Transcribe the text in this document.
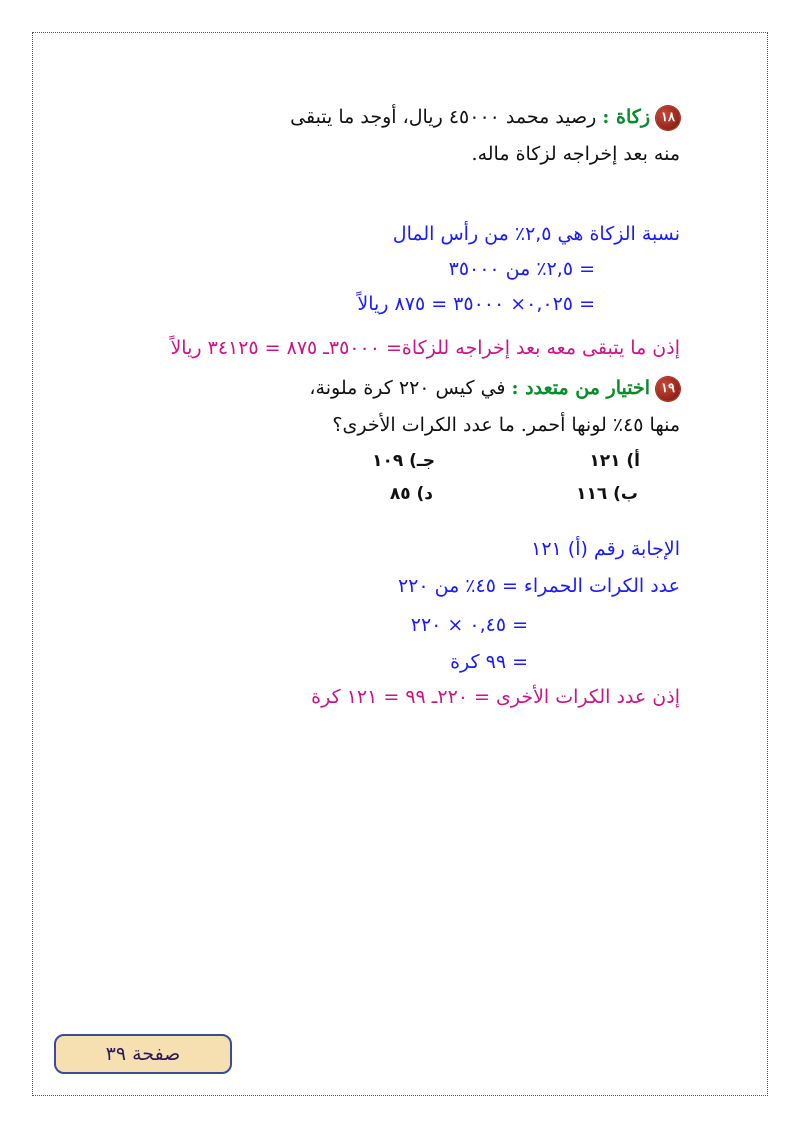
١٨زكاة : رصيد محمد ٤٥٠٠٠ ريال، أوجد ما يتبقى
منه بعد إخراجه لزكاة ماله.
نسبة الزكاة هي ٢,٥٪ من رأس المال
= ٢,٥٪ من ٣٥٠٠٠
= ٠,٠٢٥× ٣٥٠٠٠ = ٨٧٥ ريالاً
إذن ما يتبقى معه بعد إخراجه للزكاة= ٣٥٠٠٠ـ ٨٧٥ = ٣٤١٢٥ ريالاً
١٩اختيار من متعدد : في كيس ٢٢٠ كرة ملونة،
منها ٤٥٪ لونها أحمر. ما عدد الكرات الأخرى؟
أ) ١٢١
ب) ١١٦
جـ) ١٠٩
د) ٨٥
الإجابة رقم (أ) ١٢١
عدد الكرات الحمراء = ٤٥٪ من ٢٢٠
= ٠,٤٥ × ٢٢٠
= ٩٩ كرة
إذن عدد الكرات الأخرى = ٢٢٠ـ ٩٩ = ١٢١ كرة
صفحة ٣٩
